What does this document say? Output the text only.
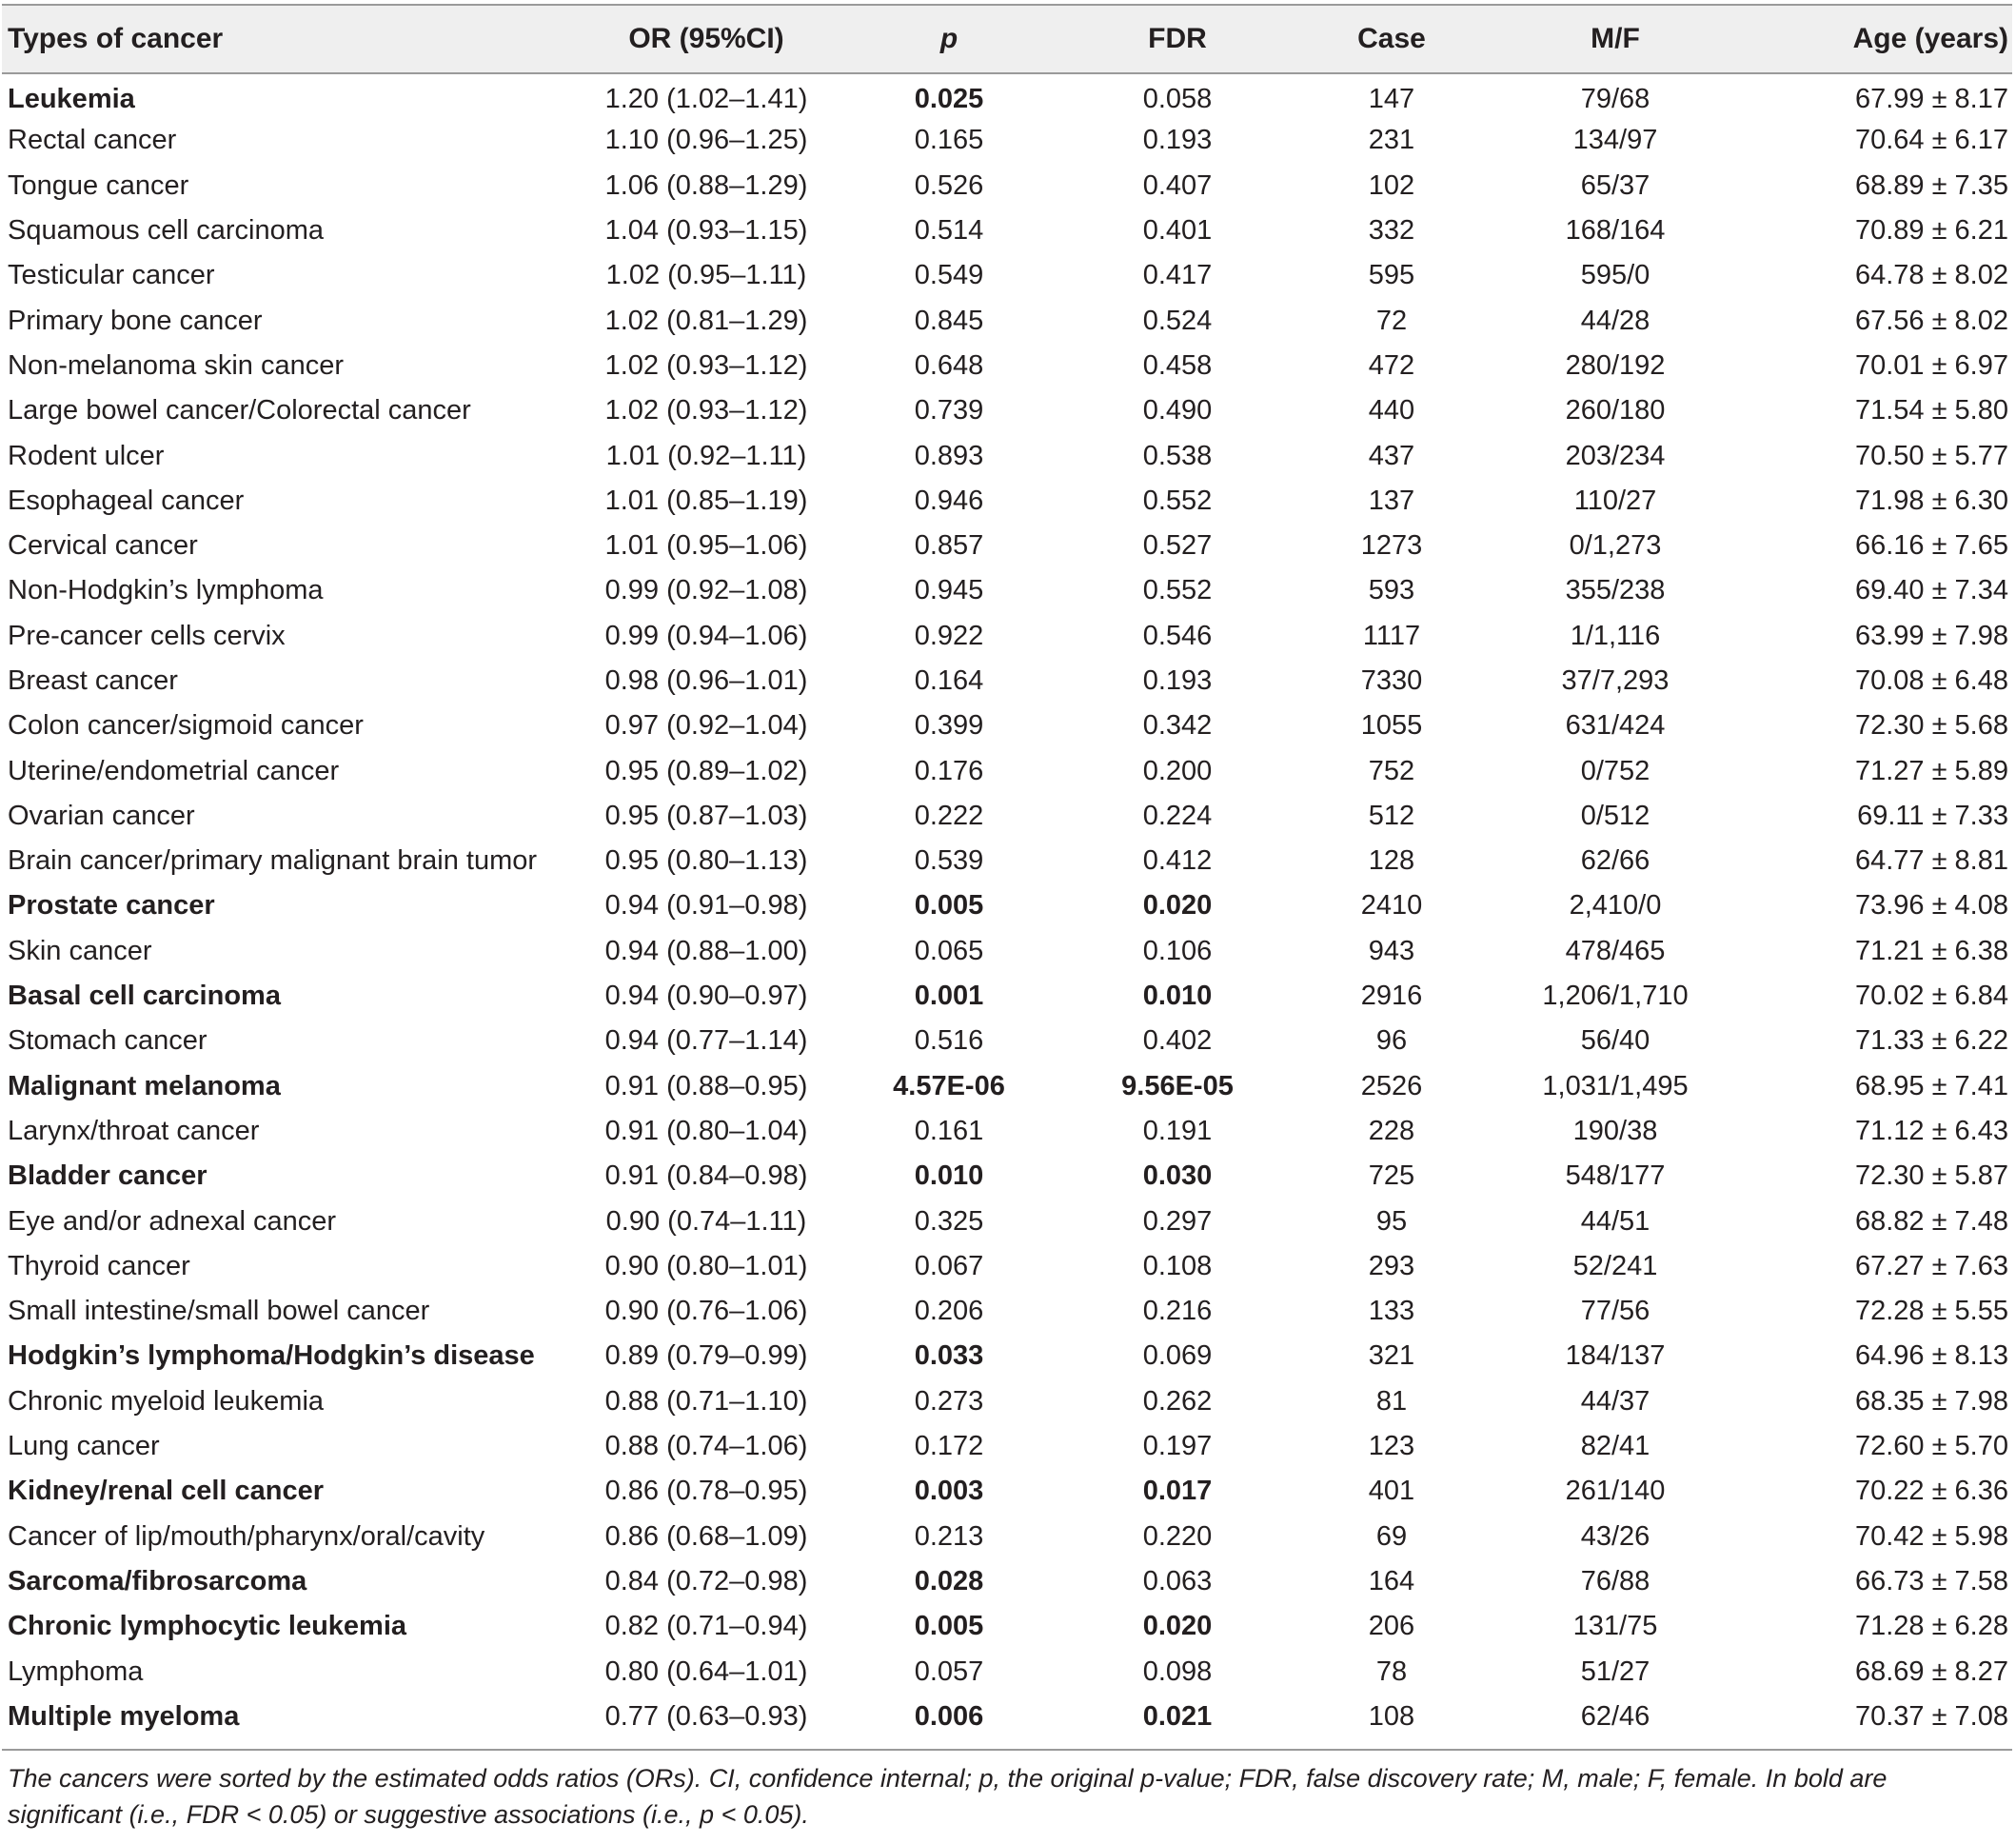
Types of cancer	OR (95%CI)	p	FDR	Case	M/F	Age (years)
Leukemia	1.20 (1.02–1.41)	0.025	0.058	147	79/68	67.99 ± 8.17
Rectal cancer	1.10 (0.96–1.25)	0.165	0.193	231	134/97	70.64 ± 6.17
Tongue cancer	1.06 (0.88–1.29)	0.526	0.407	102	65/37	68.89 ± 7.35
Squamous cell carcinoma	1.04 (0.93–1.15)	0.514	0.401	332	168/164	70.89 ± 6.21
Testicular cancer	1.02 (0.95–1.11)	0.549	0.417	595	595/0	64.78 ± 8.02
Primary bone cancer	1.02 (0.81–1.29)	0.845	0.524	72	44/28	67.56 ± 8.02
Non-melanoma skin cancer	1.02 (0.93–1.12)	0.648	0.458	472	280/192	70.01 ± 6.97
Large bowel cancer/Colorectal cancer	1.02 (0.93–1.12)	0.739	0.490	440	260/180	71.54 ± 5.80
Rodent ulcer	1.01 (0.92–1.11)	0.893	0.538	437	203/234	70.50 ± 5.77
Esophageal cancer	1.01 (0.85–1.19)	0.946	0.552	137	110/27	71.98 ± 6.30
Cervical cancer	1.01 (0.95–1.06)	0.857	0.527	1273	0/1,273	66.16 ± 7.65
Non-Hodgkin’s lymphoma	0.99 (0.92–1.08)	0.945	0.552	593	355/238	69.40 ± 7.34
Pre-cancer cells cervix	0.99 (0.94–1.06)	0.922	0.546	1117	1/1,116	63.99 ± 7.98
Breast cancer	0.98 (0.96–1.01)	0.164	0.193	7330	37/7,293	70.08 ± 6.48
Colon cancer/sigmoid cancer	0.97 (0.92–1.04)	0.399	0.342	1055	631/424	72.30 ± 5.68
Uterine/endometrial cancer	0.95 (0.89–1.02)	0.176	0.200	752	0/752	71.27 ± 5.89
Ovarian cancer	0.95 (0.87–1.03)	0.222	0.224	512	0/512	69.11 ± 7.33
Brain cancer/primary malignant brain tumor	0.95 (0.80–1.13)	0.539	0.412	128	62/66	64.77 ± 8.81
Prostate cancer	0.94 (0.91–0.98)	0.005	0.020	2410	2,410/0	73.96 ± 4.08
Skin cancer	0.94 (0.88–1.00)	0.065	0.106	943	478/465	71.21 ± 6.38
Basal cell carcinoma	0.94 (0.90–0.97)	0.001	0.010	2916	1,206/1,710	70.02 ± 6.84
Stomach cancer	0.94 (0.77–1.14)	0.516	0.402	96	56/40	71.33 ± 6.22
Malignant melanoma	0.91 (0.88–0.95)	4.57E-06	9.56E-05	2526	1,031/1,495	68.95 ± 7.41
Larynx/throat cancer	0.91 (0.80–1.04)	0.161	0.191	228	190/38	71.12 ± 6.43
Bladder cancer	0.91 (0.84–0.98)	0.010	0.030	725	548/177	72.30 ± 5.87
Eye and/or adnexal cancer	0.90 (0.74–1.11)	0.325	0.297	95	44/51	68.82 ± 7.48
Thyroid cancer	0.90 (0.80–1.01)	0.067	0.108	293	52/241	67.27 ± 7.63
Small intestine/small bowel cancer	0.90 (0.76–1.06)	0.206	0.216	133	77/56	72.28 ± 5.55
Hodgkin’s lymphoma/Hodgkin’s disease	0.89 (0.79–0.99)	0.033	0.069	321	184/137	64.96 ± 8.13
Chronic myeloid leukemia	0.88 (0.71–1.10)	0.273	0.262	81	44/37	68.35 ± 7.98
Lung cancer	0.88 (0.74–1.06)	0.172	0.197	123	82/41	72.60 ± 5.70
Kidney/renal cell cancer	0.86 (0.78–0.95)	0.003	0.017	401	261/140	70.22 ± 6.36
Cancer of lip/mouth/pharynx/oral/cavity	0.86 (0.68–1.09)	0.213	0.220	69	43/26	70.42 ± 5.98
Sarcoma/fibrosarcoma	0.84 (0.72–0.98)	0.028	0.063	164	76/88	66.73 ± 7.58
Chronic lymphocytic leukemia	0.82 (0.71–0.94)	0.005	0.020	206	131/75	71.28 ± 6.28
Lymphoma	0.80 (0.64–1.01)	0.057	0.098	78	51/27	68.69 ± 8.27
Multiple myeloma	0.77 (0.63–0.93)	0.006	0.021	108	62/46	70.37 ± 7.08
The cancers were sorted by the estimated odds ratios (ORs). CI, confidence internal; p, the original p-value; FDR, false discovery rate; M, male; F, female. In bold are significant (i.e., FDR < 0.05) or suggestive associations (i.e., p < 0.05).
